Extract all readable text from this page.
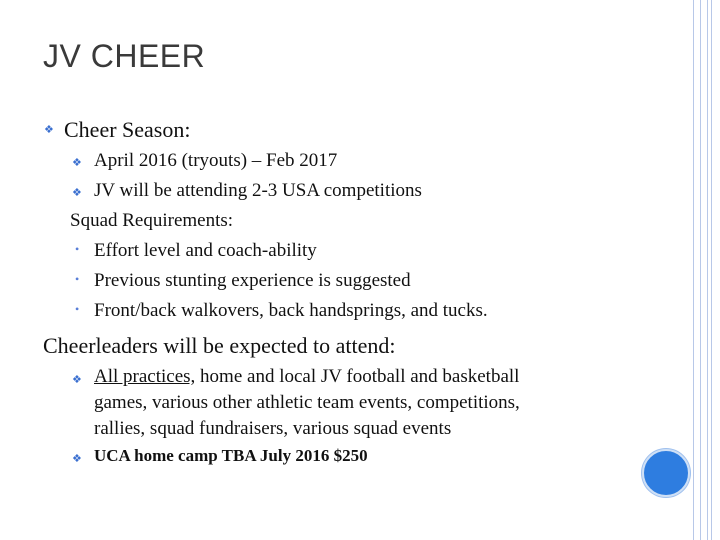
JV CHEER
❖ Cheer Season:
❖ April 2016 (tryouts) – Feb 2017
❖ JV will be attending 2-3 USA competitions
Squad Requirements:
• Effort level and coach-ability
• Previous stunting experience is suggested
• Front/back walkovers, back handsprings, and tucks.
Cheerleaders will be expected to attend:
❖ All practices, home and local JV football and basketball
games, various other athletic team events, competitions,
rallies, squad fundraisers, various squad events
❖ UCA home camp TBA July 2016 $250
